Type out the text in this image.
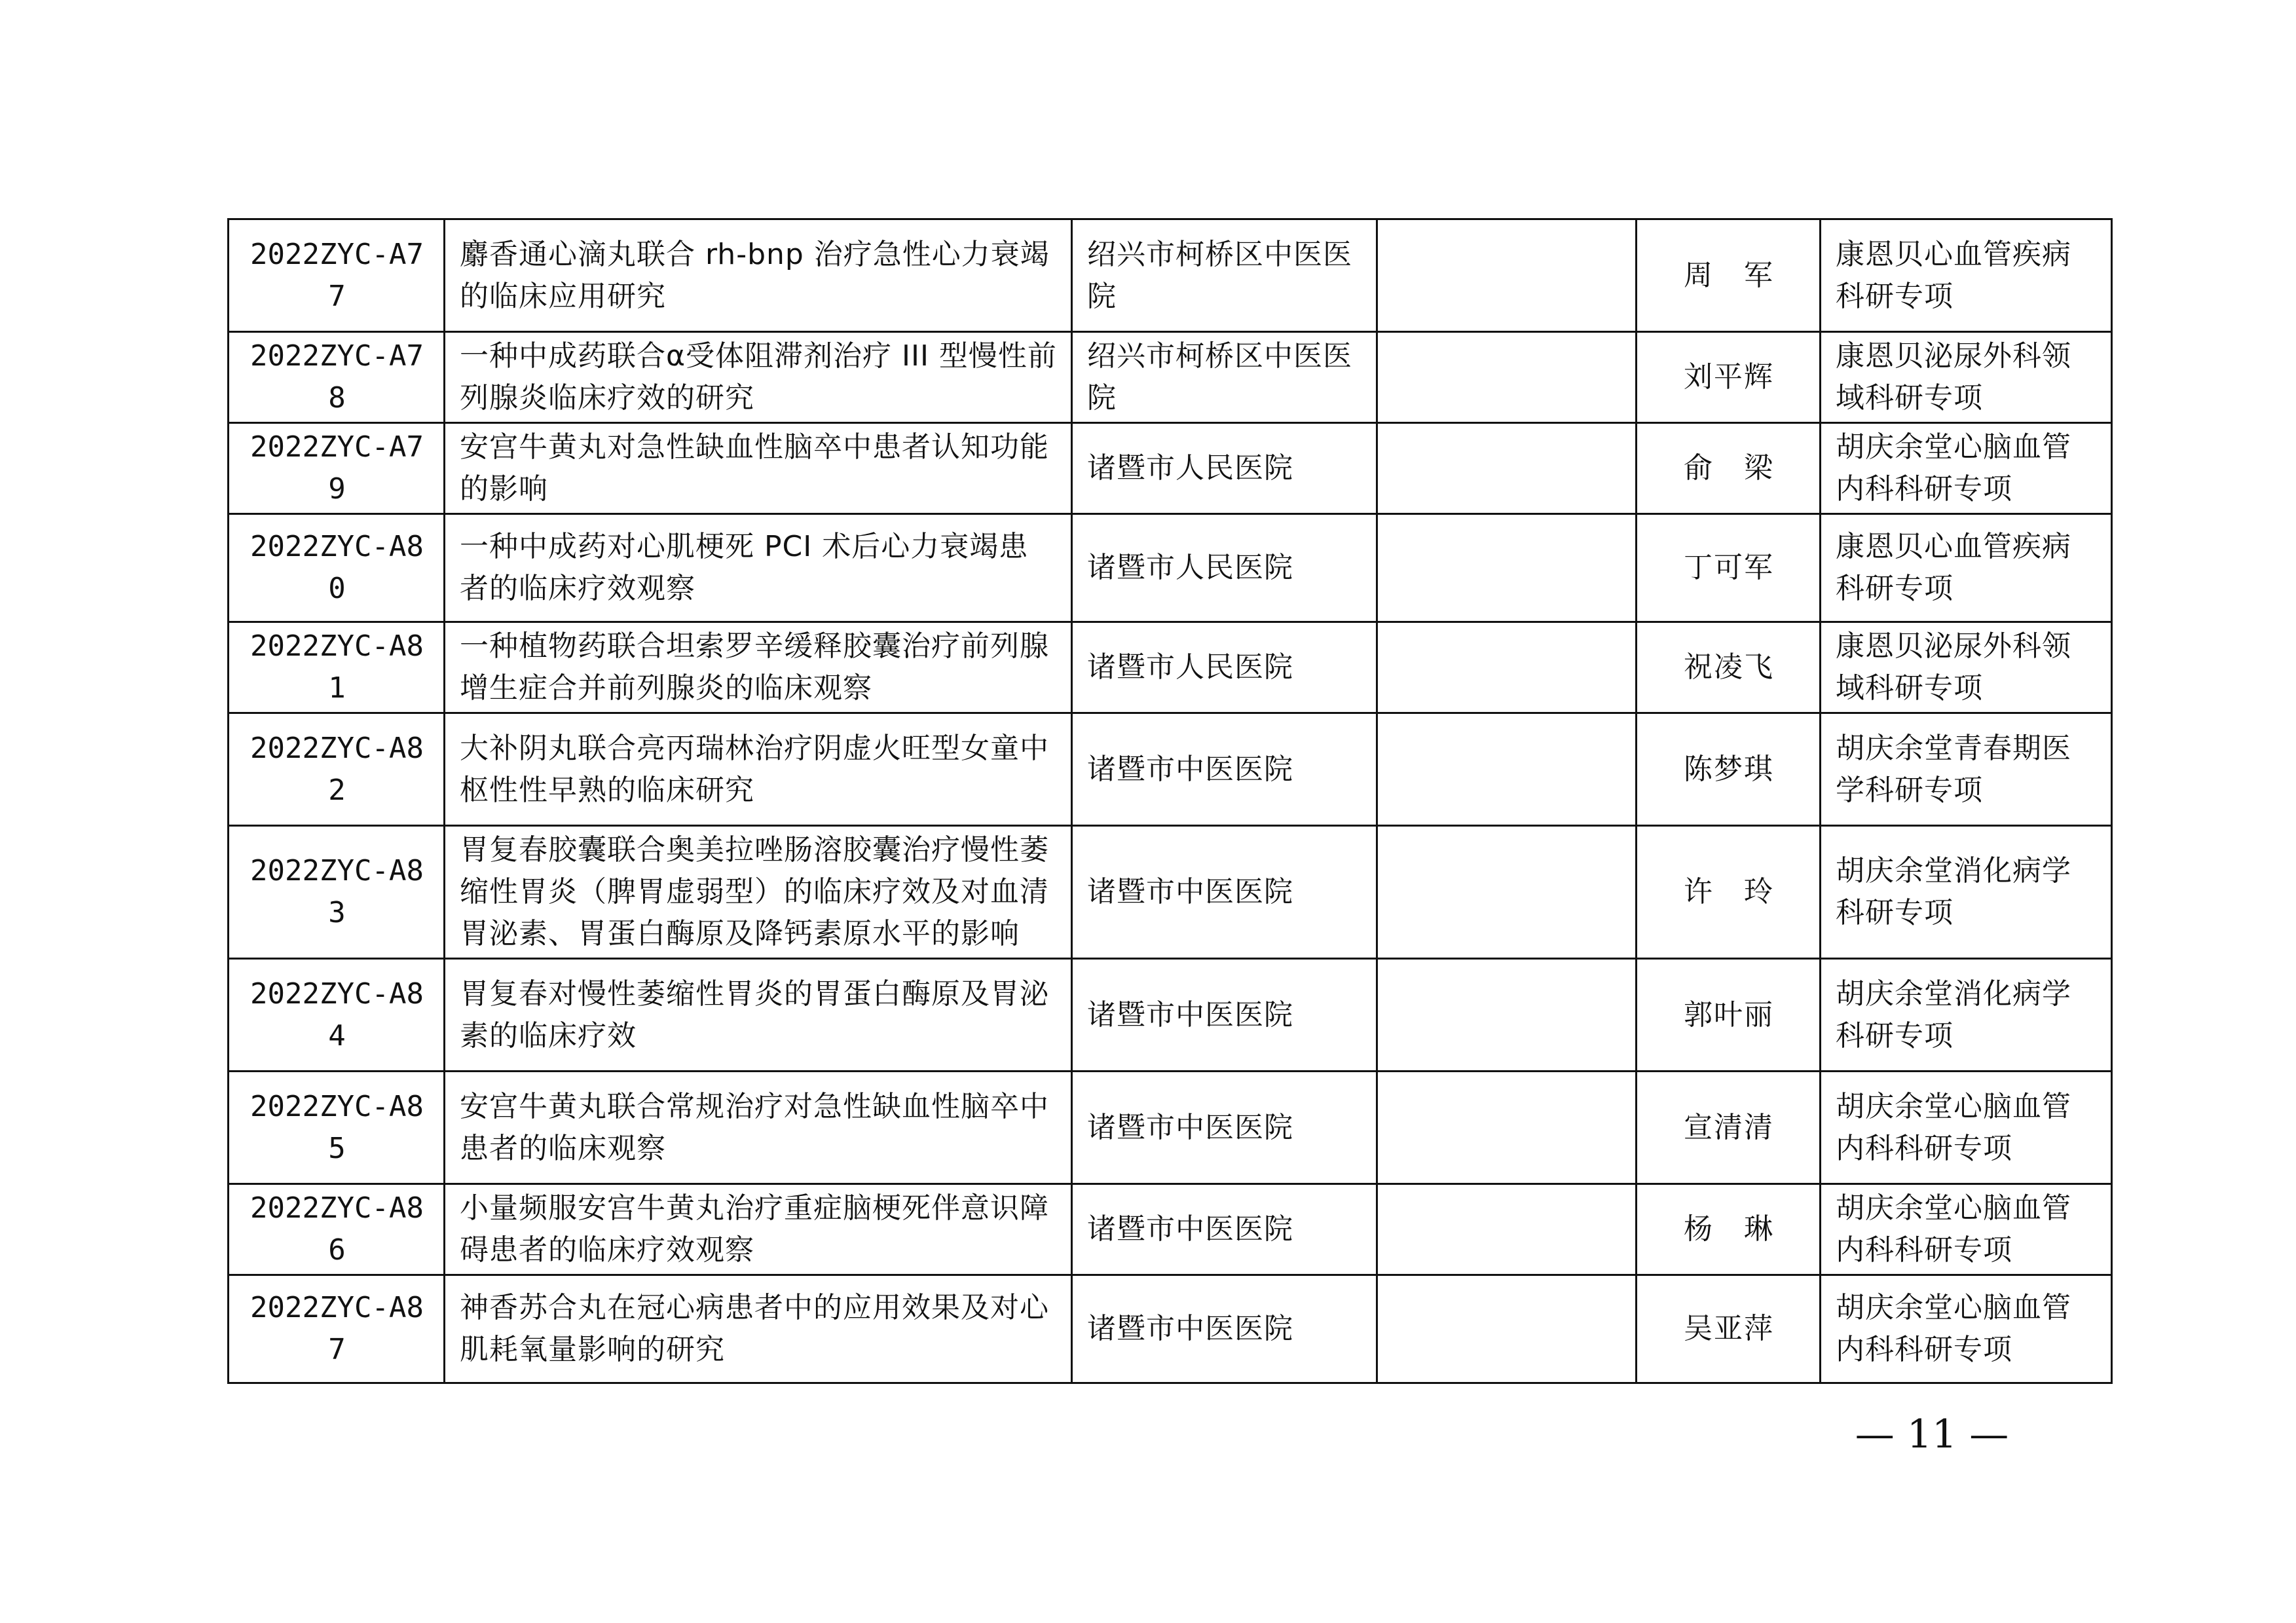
2022ZYC-A77	麝香通心滴丸联合 rh-bnp 治疗急性心力衰竭的临床应用研究	绍兴市柯桥区中医医院		周　军	康恩贝心血管疾病科研专项
2022ZYC-A78	一种中成药联合α受体阻滞剂治疗 III 型慢性前列腺炎临床疗效的研究	绍兴市柯桥区中医医院		刘平辉	康恩贝泌尿外科领域科研专项
2022ZYC-A79	安宫牛黄丸对急性缺血性脑卒中患者认知功能的影响	诸暨市人民医院		俞　梁	胡庆余堂心脑血管内科科研专项
2022ZYC-A80	一种中成药对心肌梗死 PCI 术后心力衰竭患者的临床疗效观察	诸暨市人民医院		丁可军	康恩贝心血管疾病科研专项
2022ZYC-A81	一种植物药联合坦索罗辛缓释胶囊治疗前列腺增生症合并前列腺炎的临床观察	诸暨市人民医院		祝凌飞	康恩贝泌尿外科领域科研专项
2022ZYC-A82	大补阴丸联合亮丙瑞林治疗阴虚火旺型女童中枢性性早熟的临床研究	诸暨市中医医院		陈梦琪	胡庆余堂青春期医学科研专项
2022ZYC-A83	胃复春胶囊联合奥美拉唑肠溶胶囊治疗慢性萎缩性胃炎（脾胃虚弱型）的临床疗效及对血清胃泌素、胃蛋白酶原及降钙素原水平的影响	诸暨市中医医院		许　玲	胡庆余堂消化病学科研专项
2022ZYC-A84	胃复春对慢性萎缩性胃炎的胃蛋白酶原及胃泌素的临床疗效	诸暨市中医医院		郭叶丽	胡庆余堂消化病学科研专项
2022ZYC-A85	安宫牛黄丸联合常规治疗对急性缺血性脑卒中患者的临床观察	诸暨市中医医院		宣清清	胡庆余堂心脑血管内科科研专项
2022ZYC-A86	小量频服安宫牛黄丸治疗重症脑梗死伴意识障碍患者的临床疗效观察	诸暨市中医医院		杨　琳	胡庆余堂心脑血管内科科研专项
2022ZYC-A87	神香苏合丸在冠心病患者中的应用效果及对心肌耗氧量影响的研究	诸暨市中医医院		吴亚萍	胡庆余堂心脑血管内科科研专项
— 11 —
